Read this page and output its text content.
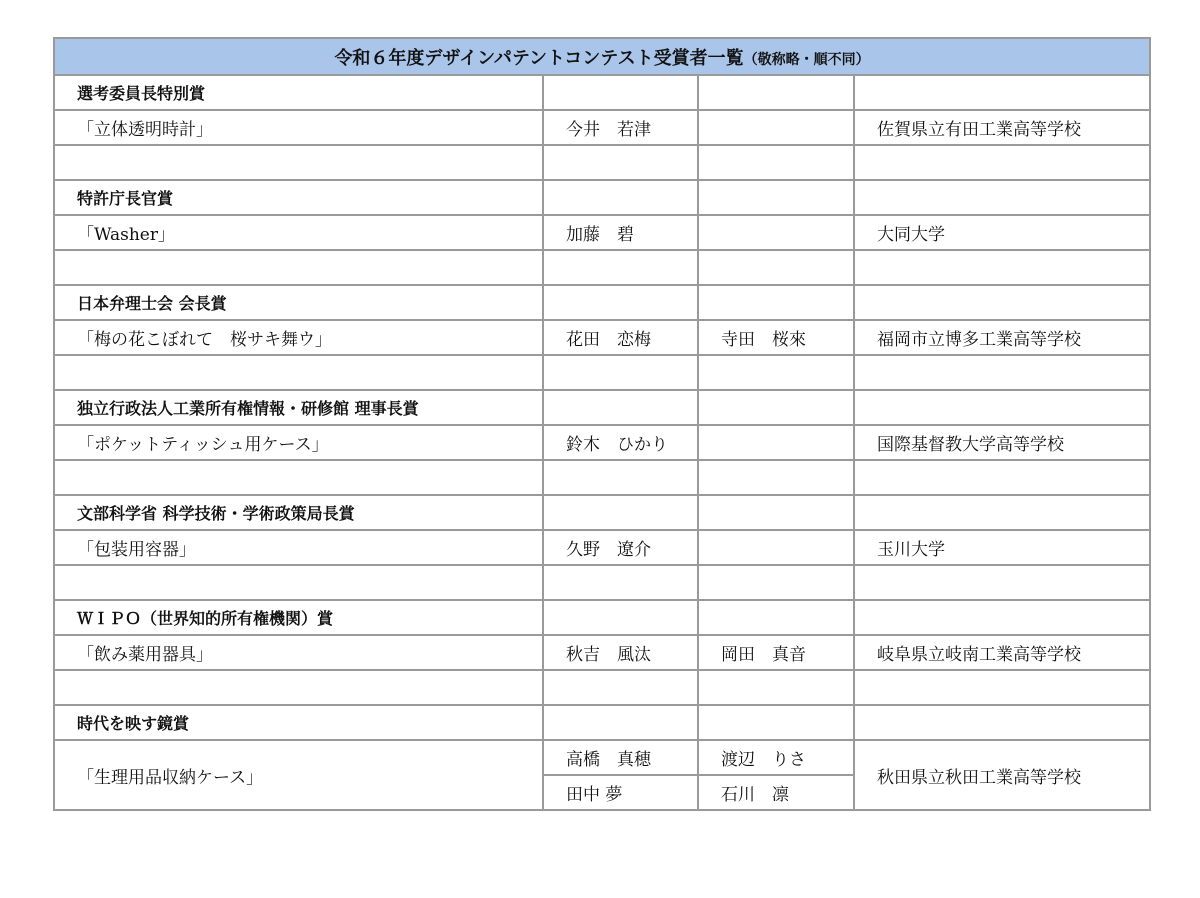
令和６年度デザインパテントコンテスト受賞者一覧（敬称略・順不同）			
選考委員長特別賞			
「立体透明時計」	今井　若津		佐賀県立有田工業高等学校

特許庁長官賞			
「Washer」	加藤　碧		大同大学

日本弁理士会 会長賞			
「梅の花こぼれて　桜サキ舞ウ」	花田　恋梅	寺田　桜來	福岡市立博多工業高等学校

独立行政法人工業所有権情報・研修館 理事長賞			
「ポケットティッシュ用ケース」	鈴木　ひかり		国際基督教大学高等学校

文部科学省 科学技術・学術政策局長賞			
「包装用容器」	久野　遼介		玉川大学

ＷＩＰＯ（世界知的所有権機関）賞			
「飲み薬用器具」	秋吉　風汰	岡田　真音	岐阜県立岐南工業高等学校

時代を映す鏡賞			
「生理用品収納ケース」	高橋　真穂	渡辺　りさ	秋田県立秋田工業高等学校
	田中 夢	石川　凛	
